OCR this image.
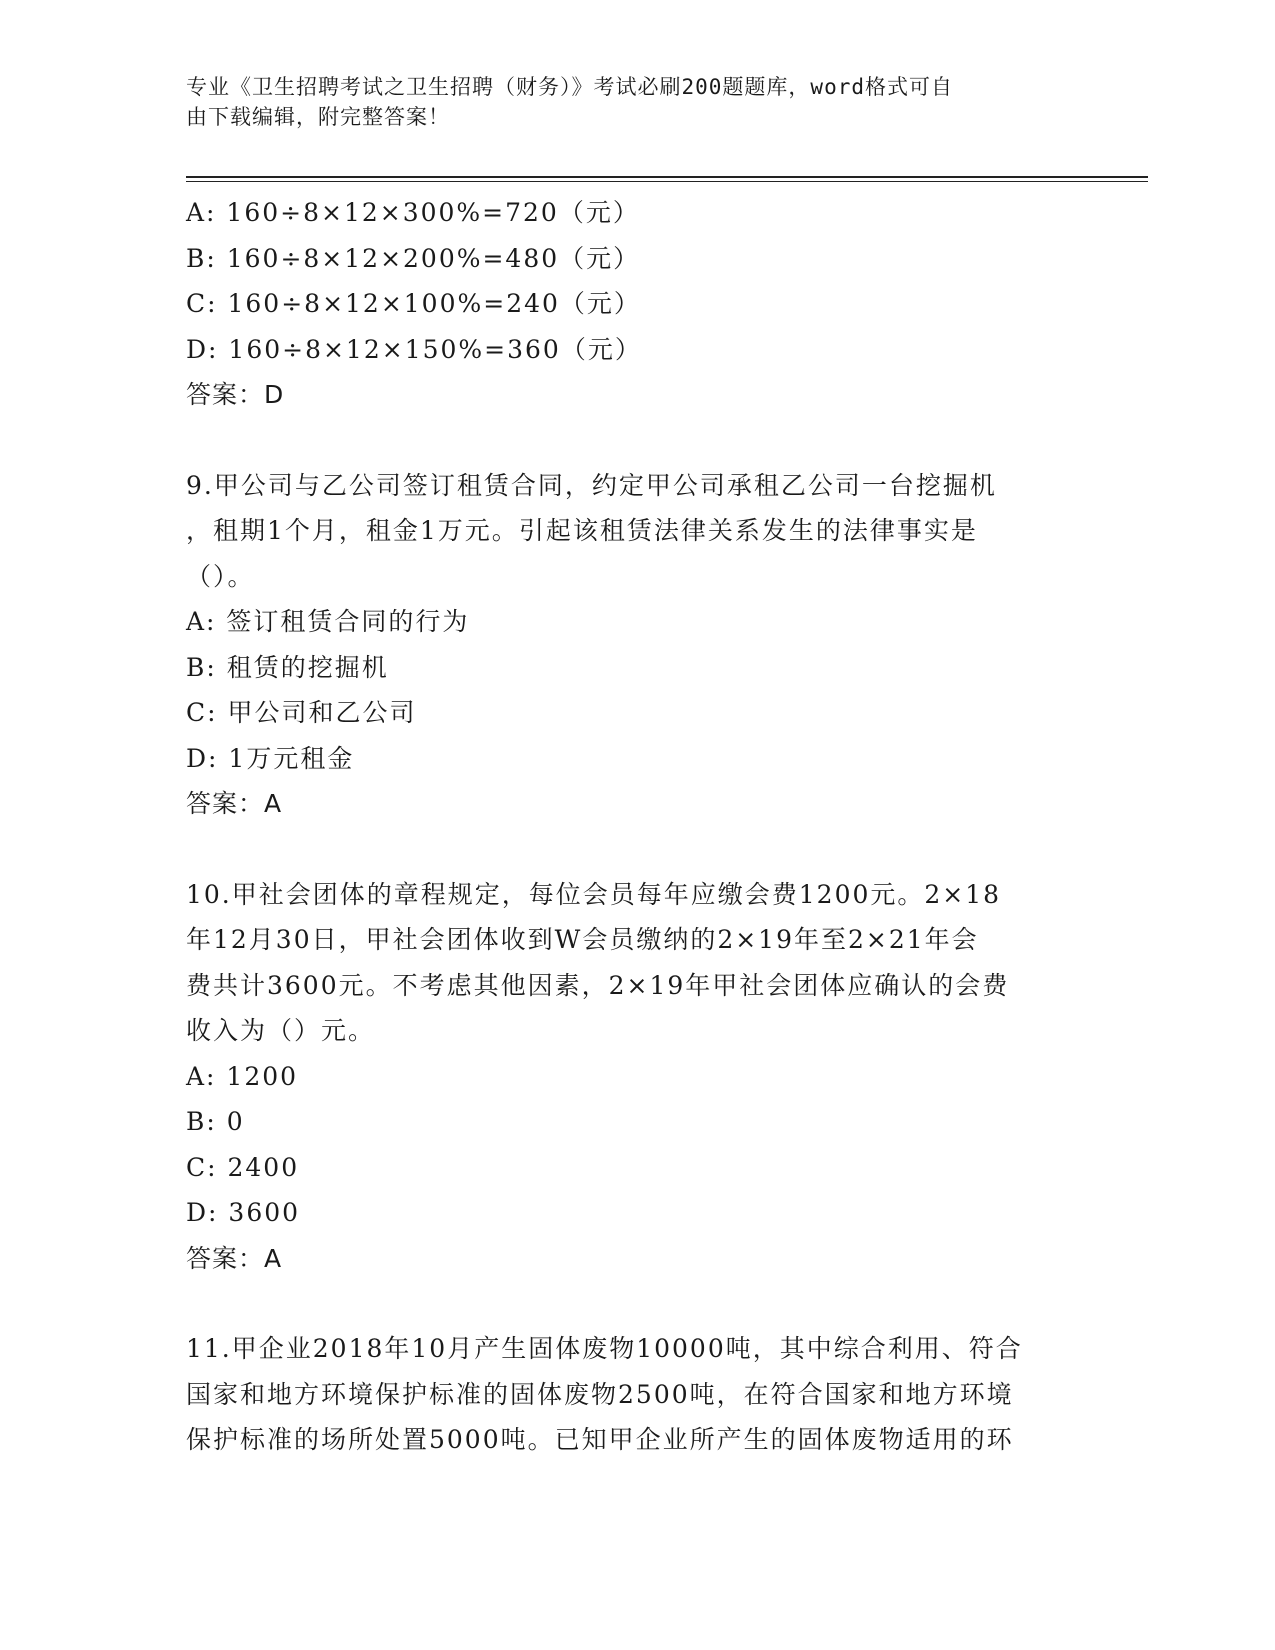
专业《卫生招聘考试之卫生招聘（财务）》考试必刷200题题库，word格式可自
由下载编辑，附完整答案！
A: 160÷8×12×300%=720（元）
B: 160÷8×12×200%=480（元）
C: 160÷8×12×100%=240（元）
D: 160÷8×12×150%=360（元）
答案：D
9.甲公司与乙公司签订租赁合同，约定甲公司承租乙公司一台挖掘机
，租期1个月，租金1万元。引起该租赁法律关系发生的法律事实是
（）。
A: 签订租赁合同的行为
B: 租赁的挖掘机
C: 甲公司和乙公司
D: 1万元租金
答案：A
10.甲社会团体的章程规定，每位会员每年应缴会费1200元。2×18
年12月30日，甲社会团体收到W会员缴纳的2×19年至2×21年会
费共计3600元。不考虑其他因素，2×19年甲社会团体应确认的会费
收入为（）元。
A: 1200
B: 0
C: 2400
D: 3600
答案：A
11.甲企业2018年10月产生固体废物10000吨，其中综合利用、符合
国家和地方环境保护标准的固体废物2500吨，在符合国家和地方环境
保护标准的场所处置5000吨。已知甲企业所产生的固体废物适用的环
